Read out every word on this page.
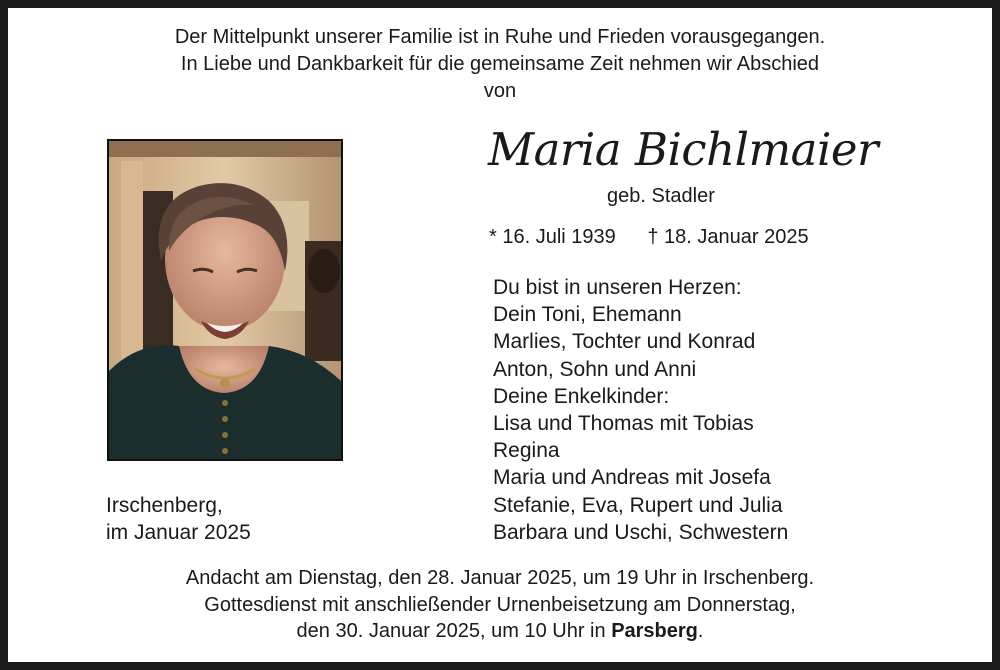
Der Mittelpunkt unserer Familie ist in Ruhe und Frieden vorausgegangen.
In Liebe und Dankbarkeit für die gemeinsame Zeit nehmen wir Abschied
von
Maria Bichlmaier
geb. Stadler
* 16. Juli 1939 † 18. Januar 2025
Du bist in unseren Herzen:
Dein Toni, Ehemann
Marlies, Tochter und Konrad
Anton, Sohn und Anni
Deine Enkelkinder:
Lisa und Thomas mit Tobias
Regina
Maria und Andreas mit Josefa
Stefanie, Eva, Rupert und Julia
Barbara und Uschi, Schwestern
Irschenberg,
im Januar 2025
Andacht am Dienstag, den 28. Januar 2025, um 19 Uhr in Irschenberg.
Gottesdienst mit anschließender Urnenbeisetzung am Donnerstag,
den 30. Januar 2025, um 10 Uhr in Parsberg.
